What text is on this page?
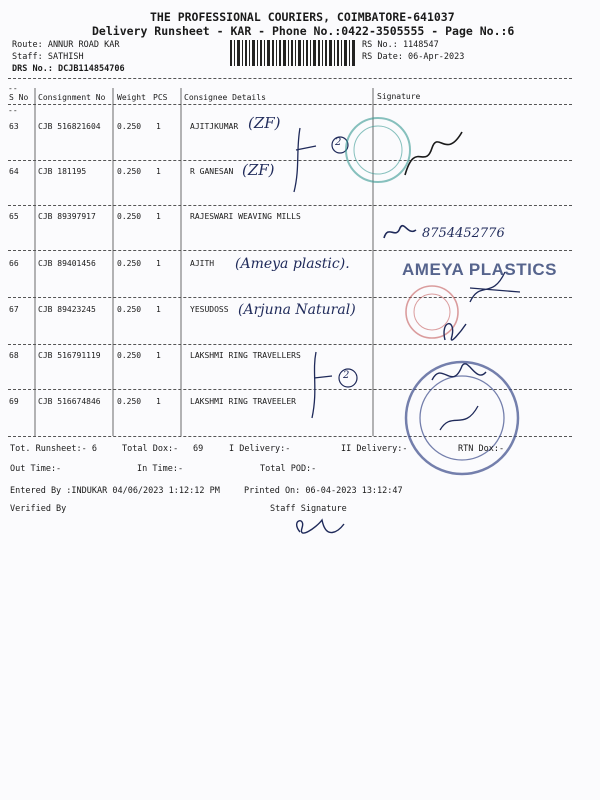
THE PROFESSIONAL COURIERS, COIMBATORE-641037
Delivery Runsheet - KAR - Phone No.:0422-3505555 - Page No.:6
Route: ANNUR ROAD KAR
Staff: SATHISH
DRS No.: DCJB114854706
RS No.: 1148547
RS Date: 06-Apr-2023
--
S No Consignment No Weight PCS Consignee Details	Signature
--
63 CJB 516821604 0.250 1	AJITJKUMAR (ZF)
64 CJB 181195	0.250 1	R GANESAN (ZF)
65 CJB 89397917	0.250 1	RAJESWARI WEAVING MILLS
66 CJB 89401456	0.250 1	AJITH (Ameya plastic).
67 CJB 89423245	0.250 1	YESUDOSS (Arjuna Natural)
68 CJB 516791119 0.250 1	LAKSHMI RING TRAVELLERS
69 CJB 516674846 0.250 1	LAKSHMI RING TRAVEELER
2
2
8754452776
AMEYA PLASTICS
Tot. Runsheet:- 6	Total Dox:- 69	I Delivery:-	II Delivery:-	RTN Dox:-
Out Time:-	In Time:-	Total POD:-
Entered By :INDUKAR 04/06/2023 1:12:12 PM	Printed On: 06-04-2023 13:12:47
Verified By	Staff Signature
